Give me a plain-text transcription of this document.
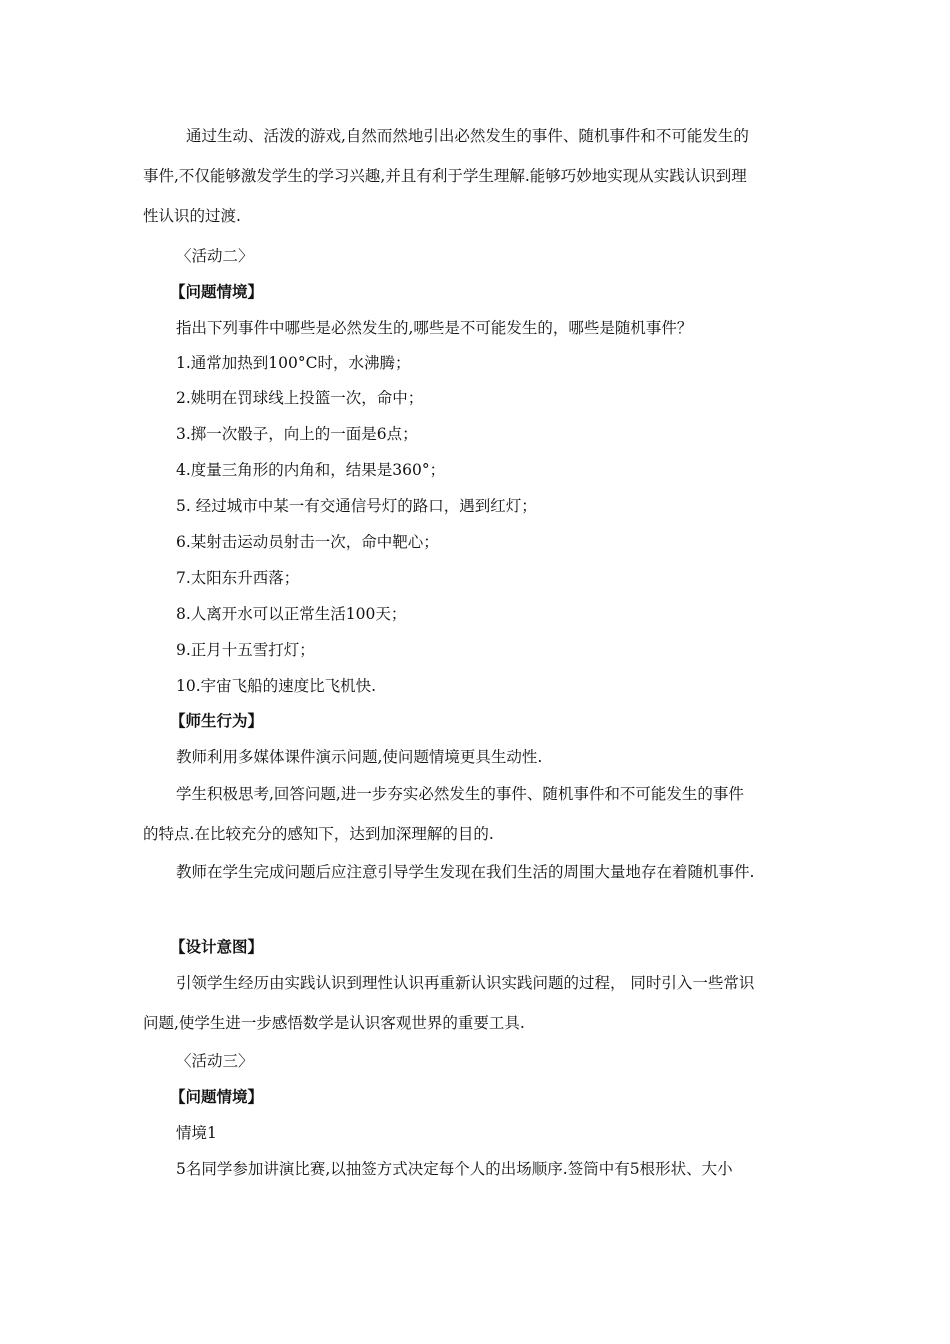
通过生动、活泼的游戏,自然而然地引出必然发生的事件、随机事件和不可能发生的
事件,不仅能够激发学生的学习兴趣,并且有利于学生理解.能够巧妙地实现从实践认识到理
性认识的过渡.
〈活动二〉
【问题情境】
指出下列事件中哪些是必然发生的,哪些是不可能发生的，哪些是随机事件？
1.通常加热到100°C时，水沸腾；
2.姚明在罚球线上投篮一次，命中；
3.掷一次骰子，向上的一面是6点；
4.度量三角形的内角和，结果是360°；
5. 经过城市中某一有交通信号灯的路口，遇到红灯；
6.某射击运动员射击一次，命中靶心；
7.太阳东升西落；
8.人离开水可以正常生活100天；
9.正月十五雪打灯；
10.宇宙飞船的速度比飞机快.
【师生行为】
教师利用多媒体课件演示问题,使问题情境更具生动性.
学生积极思考,回答问题,进一步夯实必然发生的事件、随机事件和不可能发生的事件
的特点.在比较充分的感知下，达到加深理解的目的.
教师在学生完成问题后应注意引导学生发现在我们生活的周围大量地存在着随机事件.
【设计意图】
引领学生经历由实践认识到理性认识再重新认识实践问题的过程， 同时引入一些常识
问题,使学生进一步感悟数学是认识客观世界的重要工具.
〈活动三〉
【问题情境】
情境1
5名同学参加讲演比赛,以抽签方式决定每个人的出场顺序.签筒中有5根形状、大小
